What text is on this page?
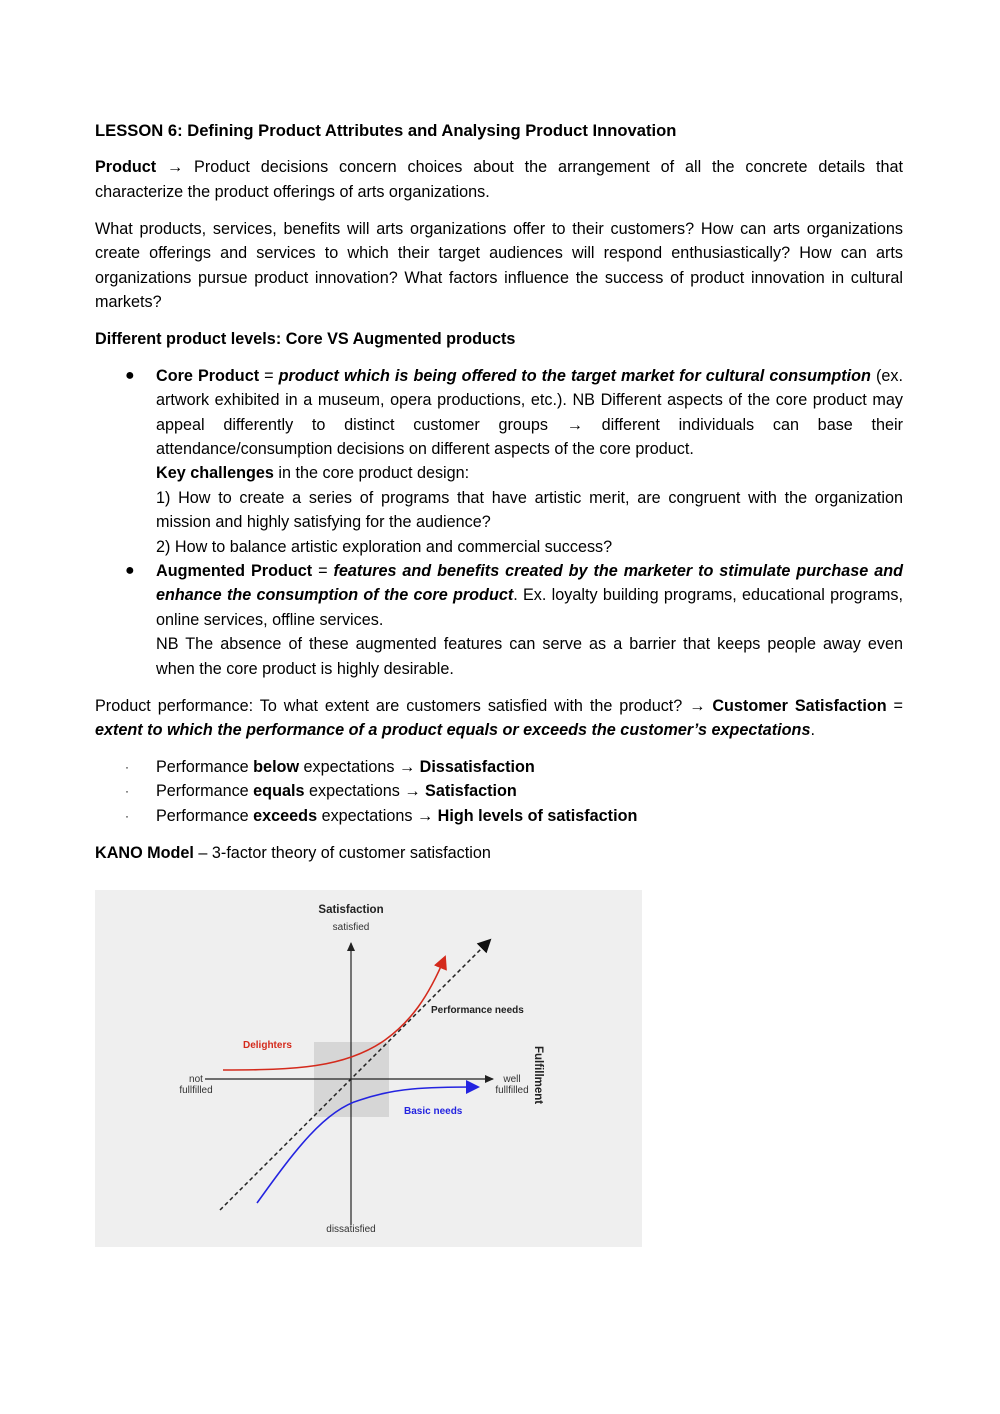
LESSON 6: Defining Product Attributes and Analysing Product Innovation

Product → Product decisions concern choices about the arrangement of all the concrete details that characterize the product offerings of arts organizations.

What products, services, benefits will arts organizations offer to their customers? How can arts organizations create offerings and services to which their target audiences will respond enthusiastically? How can arts organizations pursue product innovation? What factors influence the success of product innovation in cultural markets?

Different product levels: Core VS Augmented products

● Core Product = product which is being offered to the target market for cultural consumption (ex. artwork exhibited in a museum, opera productions, etc.). NB Different aspects of the core product may appeal differently to distinct customer groups → different individuals can base their attendance/consumption decisions on different aspects of the core product.
Key challenges in the core product design:
1) How to create a series of programs that have artistic merit, are congruent with the organization mission and highly satisfying for the audience?
2) How to balance artistic exploration and commercial success?
● Augmented Product = features and benefits created by the marketer to stimulate purchase and enhance the consumption of the core product. Ex. loyalty building programs, educational programs, online services, offline services.
NB The absence of these augmented features can serve as a barrier that keeps people away even when the core product is highly desirable.

Product performance: To what extent are customers satisfied with the product? → Customer Satisfaction = extent to which the performance of a product equals or exceeds the customer’s expectations.

· Performance below expectations → Dissatisfaction
· Performance equals expectations → Satisfaction
· Performance exceeds expectations → High levels of satisfaction

KANO Model – 3-factor theory of customer satisfaction

Satisfaction
satisfied
dissatisfied
not
fullfilled
well
fullfilled Fulfillment
Delighters
Performance needs
Basic needs
